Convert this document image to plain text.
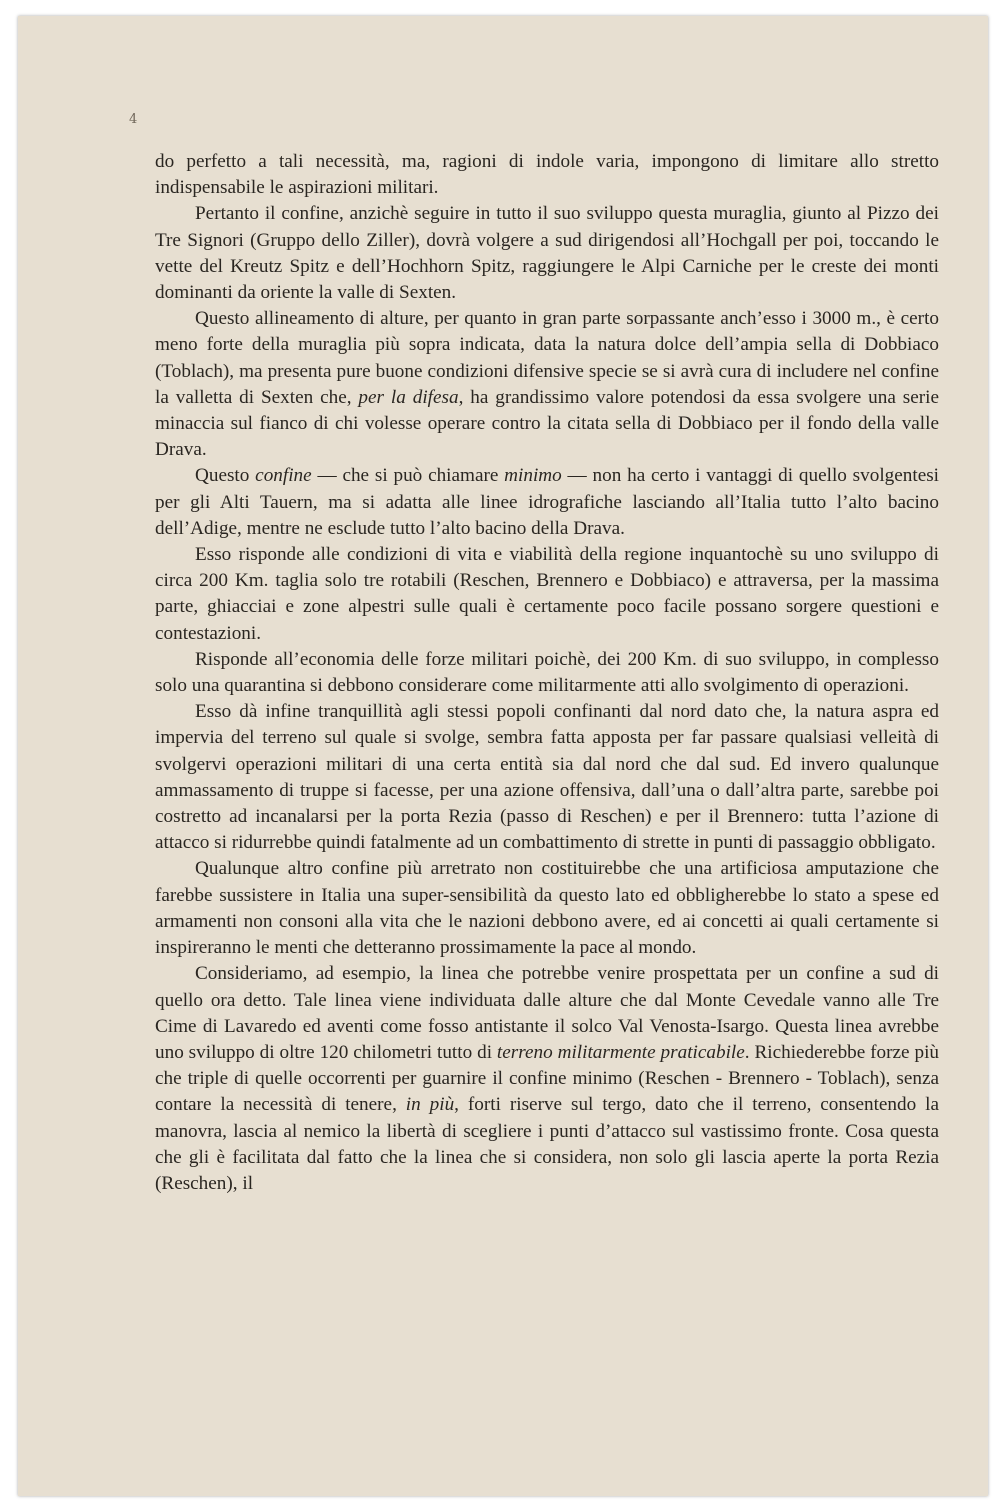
4

do perfetto a tali necessità, ma, ragioni di indole varia, impongono di limitare allo stretto indispensabile le aspirazioni militari.

Pertanto il confine, anzichè seguire in tutto il suo sviluppo questa muraglia, giunto al Pizzo dei Tre Signori (Gruppo dello Ziller), dovrà volgere a sud dirigendosi all’Hochgall per poi, toccando le vette del Kreutz Spitz e dell’Hochhorn Spitz, raggiungere le Alpi Carniche per le creste dei monti dominanti da oriente la valle di Sexten.

Questo allineamento di alture, per quanto in gran parte sorpassante anch’esso i 3000 m., è certo meno forte della muraglia più sopra indicata, data la natura dolce dell’ampia sella di Dobbiaco (Toblach), ma presenta pure buone condizioni difensive specie se si avrà cura di includere nel confine la valletta di Sexten che, per la difesa, ha grandissimo valore potendosi da essa svolgere una serie minaccia sul fianco di chi volesse operare contro la citata sella di Dobbiaco per il fondo della valle Drava.

Questo confine — che si può chiamare minimo — non ha certo i vantaggi di quello svolgentesi per gli Alti Tauern, ma si adatta alle linee idrografiche lasciando all’Italia tutto l’alto bacino dell’Adige, mentre ne esclude tutto l’alto bacino della Drava.

Esso risponde alle condizioni di vita e viabilità della regione inquantochè su uno sviluppo di circa 200 Km. taglia solo tre rotabili (Reschen, Brennero e Dobbiaco) e attraversa, per la massima parte, ghiacciai e zone alpestri sulle quali è certamente poco facile possano sorgere questioni e contestazioni.

Risponde all’economia delle forze militari poichè, dei 200 Km. di suo sviluppo, in complesso solo una quarantina si debbono considerare come militarmente atti allo svolgimento di operazioni.

Esso dà infine tranquillità agli stessi popoli confinanti dal nord dato che, la natura aspra ed impervia del terreno sul quale si svolge, sembra fatta apposta per far passare qualsiasi velleità di svolgervi operazioni militari di una certa entità sia dal nord che dal sud. Ed invero qualunque ammassamento di truppe si facesse, per una azione offensiva, dall’una o dall’altra parte, sarebbe poi costretto ad incanalarsi per la porta Rezia (passo di Reschen) e per il Brennero: tutta l’azione di attacco si ridurrebbe quindi fatalmente ad un combattimento di strette in punti di passaggio obbligato.

Qualunque altro confine più arretrato non costituirebbe che una artificiosa amputazione che farebbe sussistere in Italia una super-sensibilità da questo lato ed obbligherebbe lo stato a spese ed armamenti non consoni alla vita che le nazioni debbono avere, ed ai concetti ai quali certamente si inspireranno le menti che detteranno prossimamente la pace al mondo.

Consideriamo, ad esempio, la linea che potrebbe venire prospettata per un confine a sud di quello ora detto. Tale linea viene individuata dalle alture che dal Monte Cevedale vanno alle Tre Cime di Lavaredo ed aventi come fosso antistante il solco Val Venosta-Isargo. Questa linea avrebbe uno sviluppo di oltre 120 chilometri tutto di terreno militarmente praticabile. Richiederebbe forze più che triple di quelle occorrenti per guarnire il confine minimo (Reschen - Brennero - Toblach), senza contare la necessità di tenere, in più, forti riserve sul tergo, dato che il terreno, consentendo la manovra, lascia al nemico la libertà di scegliere i punti d’attacco sul vastissimo fronte. Cosa questa che gli è facilitata dal fatto che la linea che si considera, non solo gli lascia aperte la porta Rezia (Reschen), il
